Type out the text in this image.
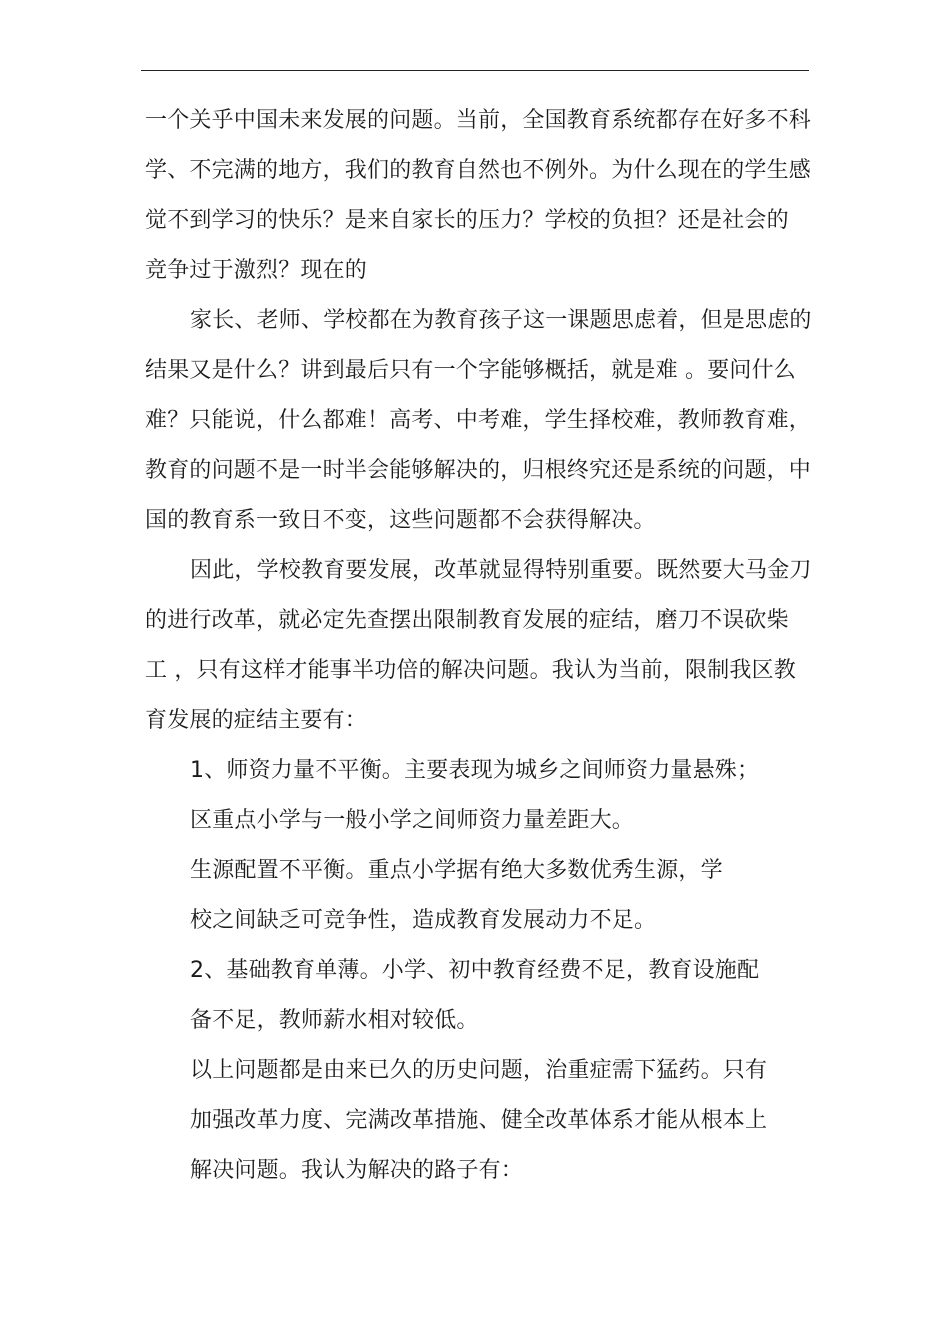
一个关乎中国未来发展的问题。当前，全国教育系统都存在好多不科
学、不完满的地方，我们的教育自然也不例外。为什么现在的学生感
觉不到学习的快乐？是来自家长的压力？学校的负担？还是社会的
竞争过于激烈？现在的
家长、老师、学校都在为教育孩子这一课题思虑着，但是思虑的
结果又是什么？讲到最后只有一个字能够概括，就是难 。要问什么
难？只能说，什么都难！高考、中考难，学生择校难，教师教育难，
教育的问题不是一时半会能够解决的，归根终究还是系统的问题，中
国的教育系一致日不变，这些问题都不会获得解决。
因此，学校教育要发展，改革就显得特别重要。既然要大马金刀
的进行改革，就必定先查摆出限制教育发展的症结，磨刀不误砍柴
工 ，只有这样才能事半功倍的解决问题。我认为当前，限制我区教
育发展的症结主要有：
1、师资力量不平衡。主要表现为城乡之间师资力量悬殊；
区重点小学与一般小学之间师资力量差距大。
生源配置不平衡。重点小学据有绝大多数优秀生源，学
校之间缺乏可竞争性，造成教育发展动力不足。
2、基础教育单薄。小学、初中教育经费不足，教育设施配
备不足，教师薪水相对较低。
以上问题都是由来已久的历史问题，治重症需下猛药。只有
加强改革力度、完满改革措施、健全改革体系才能从根本上
解决问题。我认为解决的路子有：
